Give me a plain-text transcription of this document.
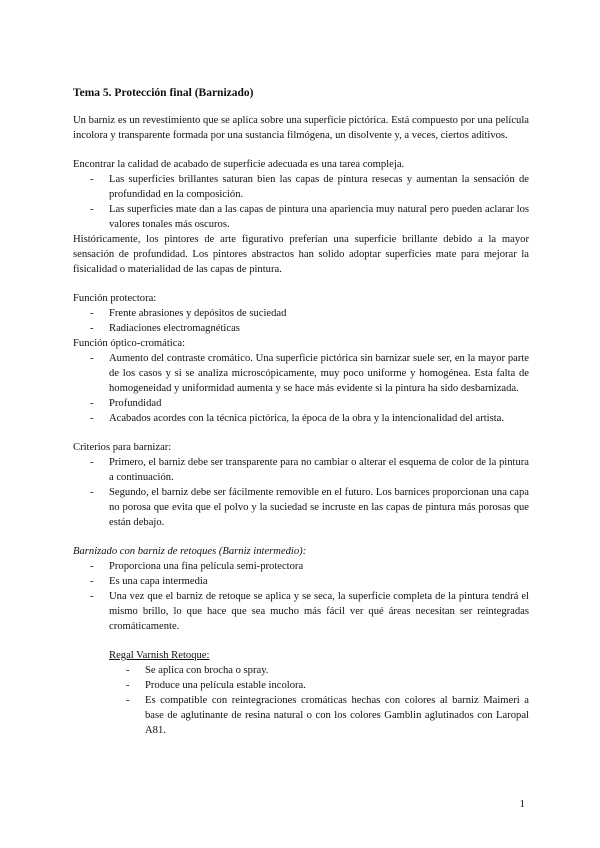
Tema 5. Protección final (Barnizado)

Un barniz es un revestimiento que se aplica sobre una superficie pictórica. Está compuesto por una película incolora y transparente formada por una sustancia filmógena, un disolvente y, a veces, ciertos aditivos.

Encontrar la calidad de acabado de superficie adecuada es una tarea compleja.

- Las superficies brillantes saturan bien las capas de pintura resecas y aumentan la sensación de profundidad en la composición.
- Las superficies mate dan a las capas de pintura una apariencia muy natural pero pueden aclarar los valores tonales más oscuros.

Históricamente, los pintores de arte figurativo preferían una superficie brillante debido a la mayor sensación de profundidad. Los pintores abstractos han solido adoptar superficies mate para mejorar la fisicalidad o materialidad de las capas de pintura.

Función protectora:

- Frente abrasiones y depósitos de suciedad
- Radiaciones electromagnéticas

Función óptico-cromática:

- Aumento del contraste cromático. Una superficie pictórica sin barnizar suele ser, en la mayor parte de los casos y si se analiza microscópicamente, muy poco uniforme y homogénea. Esta falta de homogeneidad y uniformidad aumenta y se hace más evidente si la pintura ha sido desbarnizada.
- Profundidad
- Acabados acordes con la técnica pictórica, la época de la obra y la intencionalidad del artista.

Criterios para barnizar:

- Primero, el barniz debe ser transparente para no cambiar o alterar el esquema de color de la pintura a continuación.
- Segundo, el barniz debe ser fácilmente removible en el futuro. Los barnices proporcionan una capa no porosa que evita que el polvo y la suciedad se incruste en las capas de pintura más porosas que están debajo.

Barnizado con barniz de retoques (Barniz intermedio):

- Proporciona una fina película semi-protectora
- Es una capa intermedia
- Una vez que el barniz de retoque se aplica y se seca, la superficie completa de la pintura tendrá el mismo brillo, lo que hace que sea mucho más fácil ver qué áreas necesitan ser reintegradas cromáticamente.

Regal Varnish Retoque:

- Se aplica con brocha o spray.
- Produce una película estable incolora.
- Es compatible con reintegraciones cromáticas hechas con colores al barniz Maimeri a base de aglutinante de resina natural o con los colores Gamblin aglutinados con Laropal A81.
1
